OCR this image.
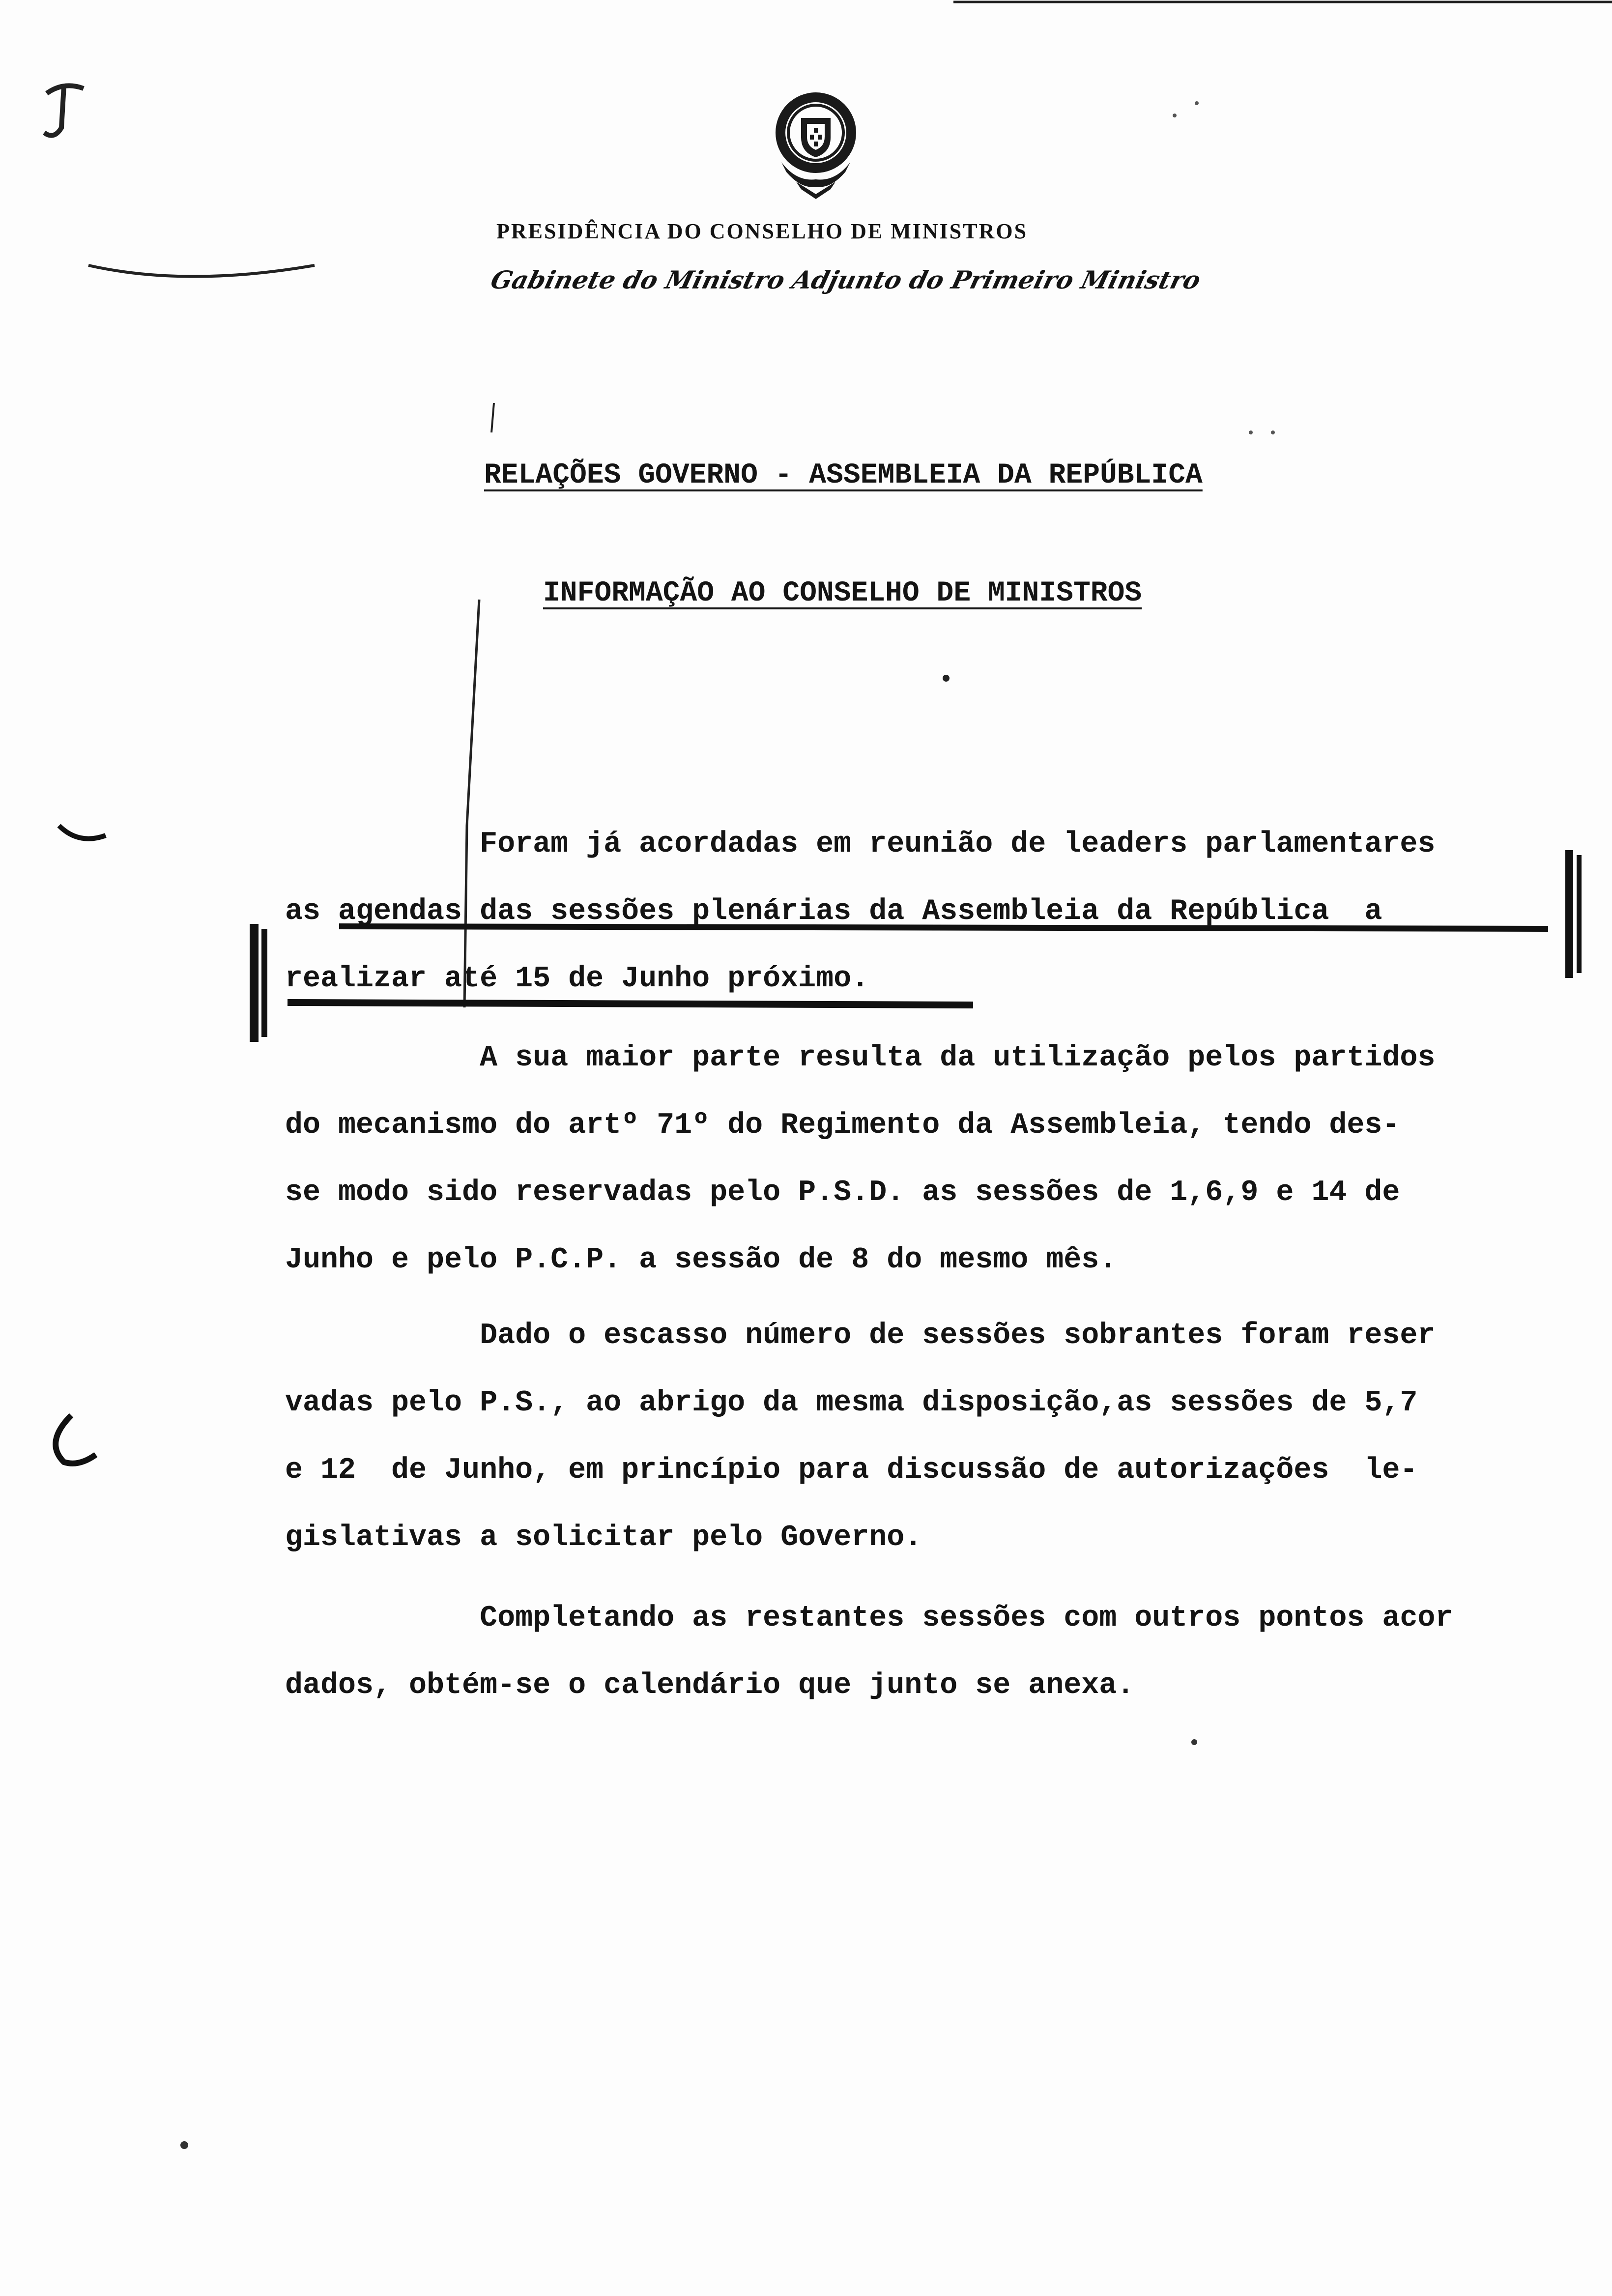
PRESIDÊNCIA DO CONSELHO DE MINISTROS
Gabinete do Ministro Adjunto do Primeiro Ministro
RELAÇÕES GOVERNO - ASSEMBLEIA DA REPÚBLICA
INFORMAÇÃO AO CONSELHO DE MINISTROS
Foram já acordadas em reunião de leaders parlamentares
as agendas das sessões plenárias da Assembleia da República  a
realizar até 15 de Junho próximo.
A sua maior parte resulta da utilização pelos partidos
do mecanismo do artº 71º do Regimento da Assembleia, tendo des-
se modo sido reservadas pelo P.S.D. as sessões de 1,6,9 e 14 de
Junho e pelo P.C.P. a sessão de 8 do mesmo mês.
Dado o escasso número de sessões sobrantes foram reser
vadas pelo P.S., ao abrigo da mesma disposição,as sessões de 5,7
e 12  de Junho, em princípio para discussão de autorizações  le-
gislativas a solicitar pelo Governo.
Completando as restantes sessões com outros pontos acor
dados, obtém-se o calendário que junto se anexa.
